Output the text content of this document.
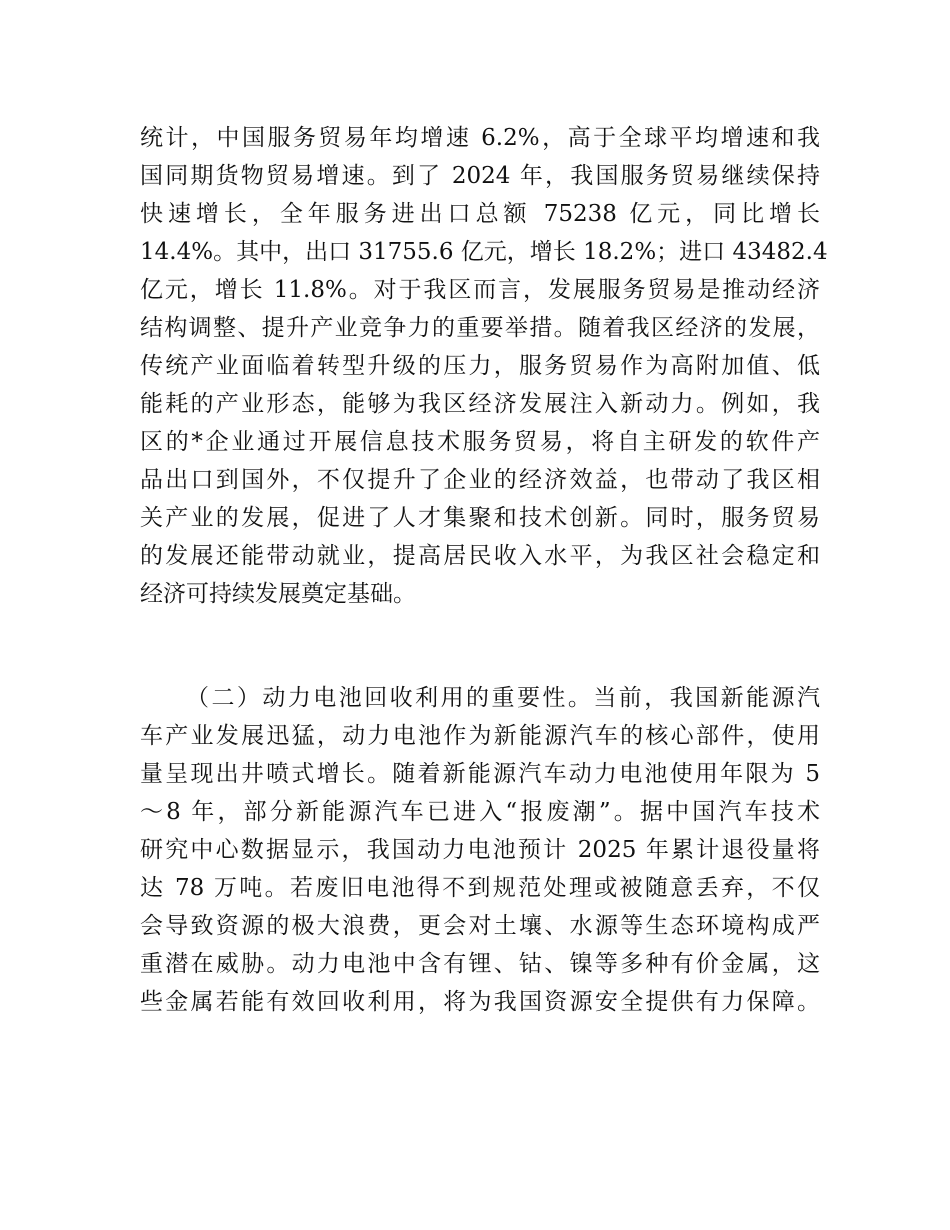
统计，中国服务贸易年均增速 6.2%，高于全球平均增速和我
国同期货物贸易增速。到了 2024 年，我国服务贸易继续保持
快速增长，全年服务进出口总额 75238 亿元，同比增长
14.4%。其中，出口 31755.6 亿元，增长 18.2%；进口 43482.4
亿元，增长 11.8%。对于我区而言，发展服务贸易是推动经济
结构调整、提升产业竞争力的重要举措。随着我区经济的发展，
传统产业面临着转型升级的压力，服务贸易作为高附加值、低
能耗的产业形态，能够为我区经济发展注入新动力。例如，我
区的*企业通过开展信息技术服务贸易，将自主研发的软件产
品出口到国外，不仅提升了企业的经济效益，也带动了我区相
关产业的发展，促进了人才集聚和技术创新。同时，服务贸易
的发展还能带动就业，提高居民收入水平，为我区社会稳定和
经济可持续发展奠定基础。
（二）动力电池回收利用的重要性。当前，我国新能源汽
车产业发展迅猛，动力电池作为新能源汽车的核心部件，使用
量呈现出井喷式增长。随着新能源汽车动力电池使用年限为 5
～8 年，部分新能源汽车已进入“报废潮”。据中国汽车技术
研究中心数据显示，我国动力电池预计 2025 年累计退役量将
达 78 万吨。若废旧电池得不到规范处理或被随意丢弃，不仅
会导致资源的极大浪费，更会对土壤、水源等生态环境构成严
重潜在威胁。动力电池中含有锂、钴、镍等多种有价金属，这
些金属若能有效回收利用，将为我国资源安全提供有力保障。
